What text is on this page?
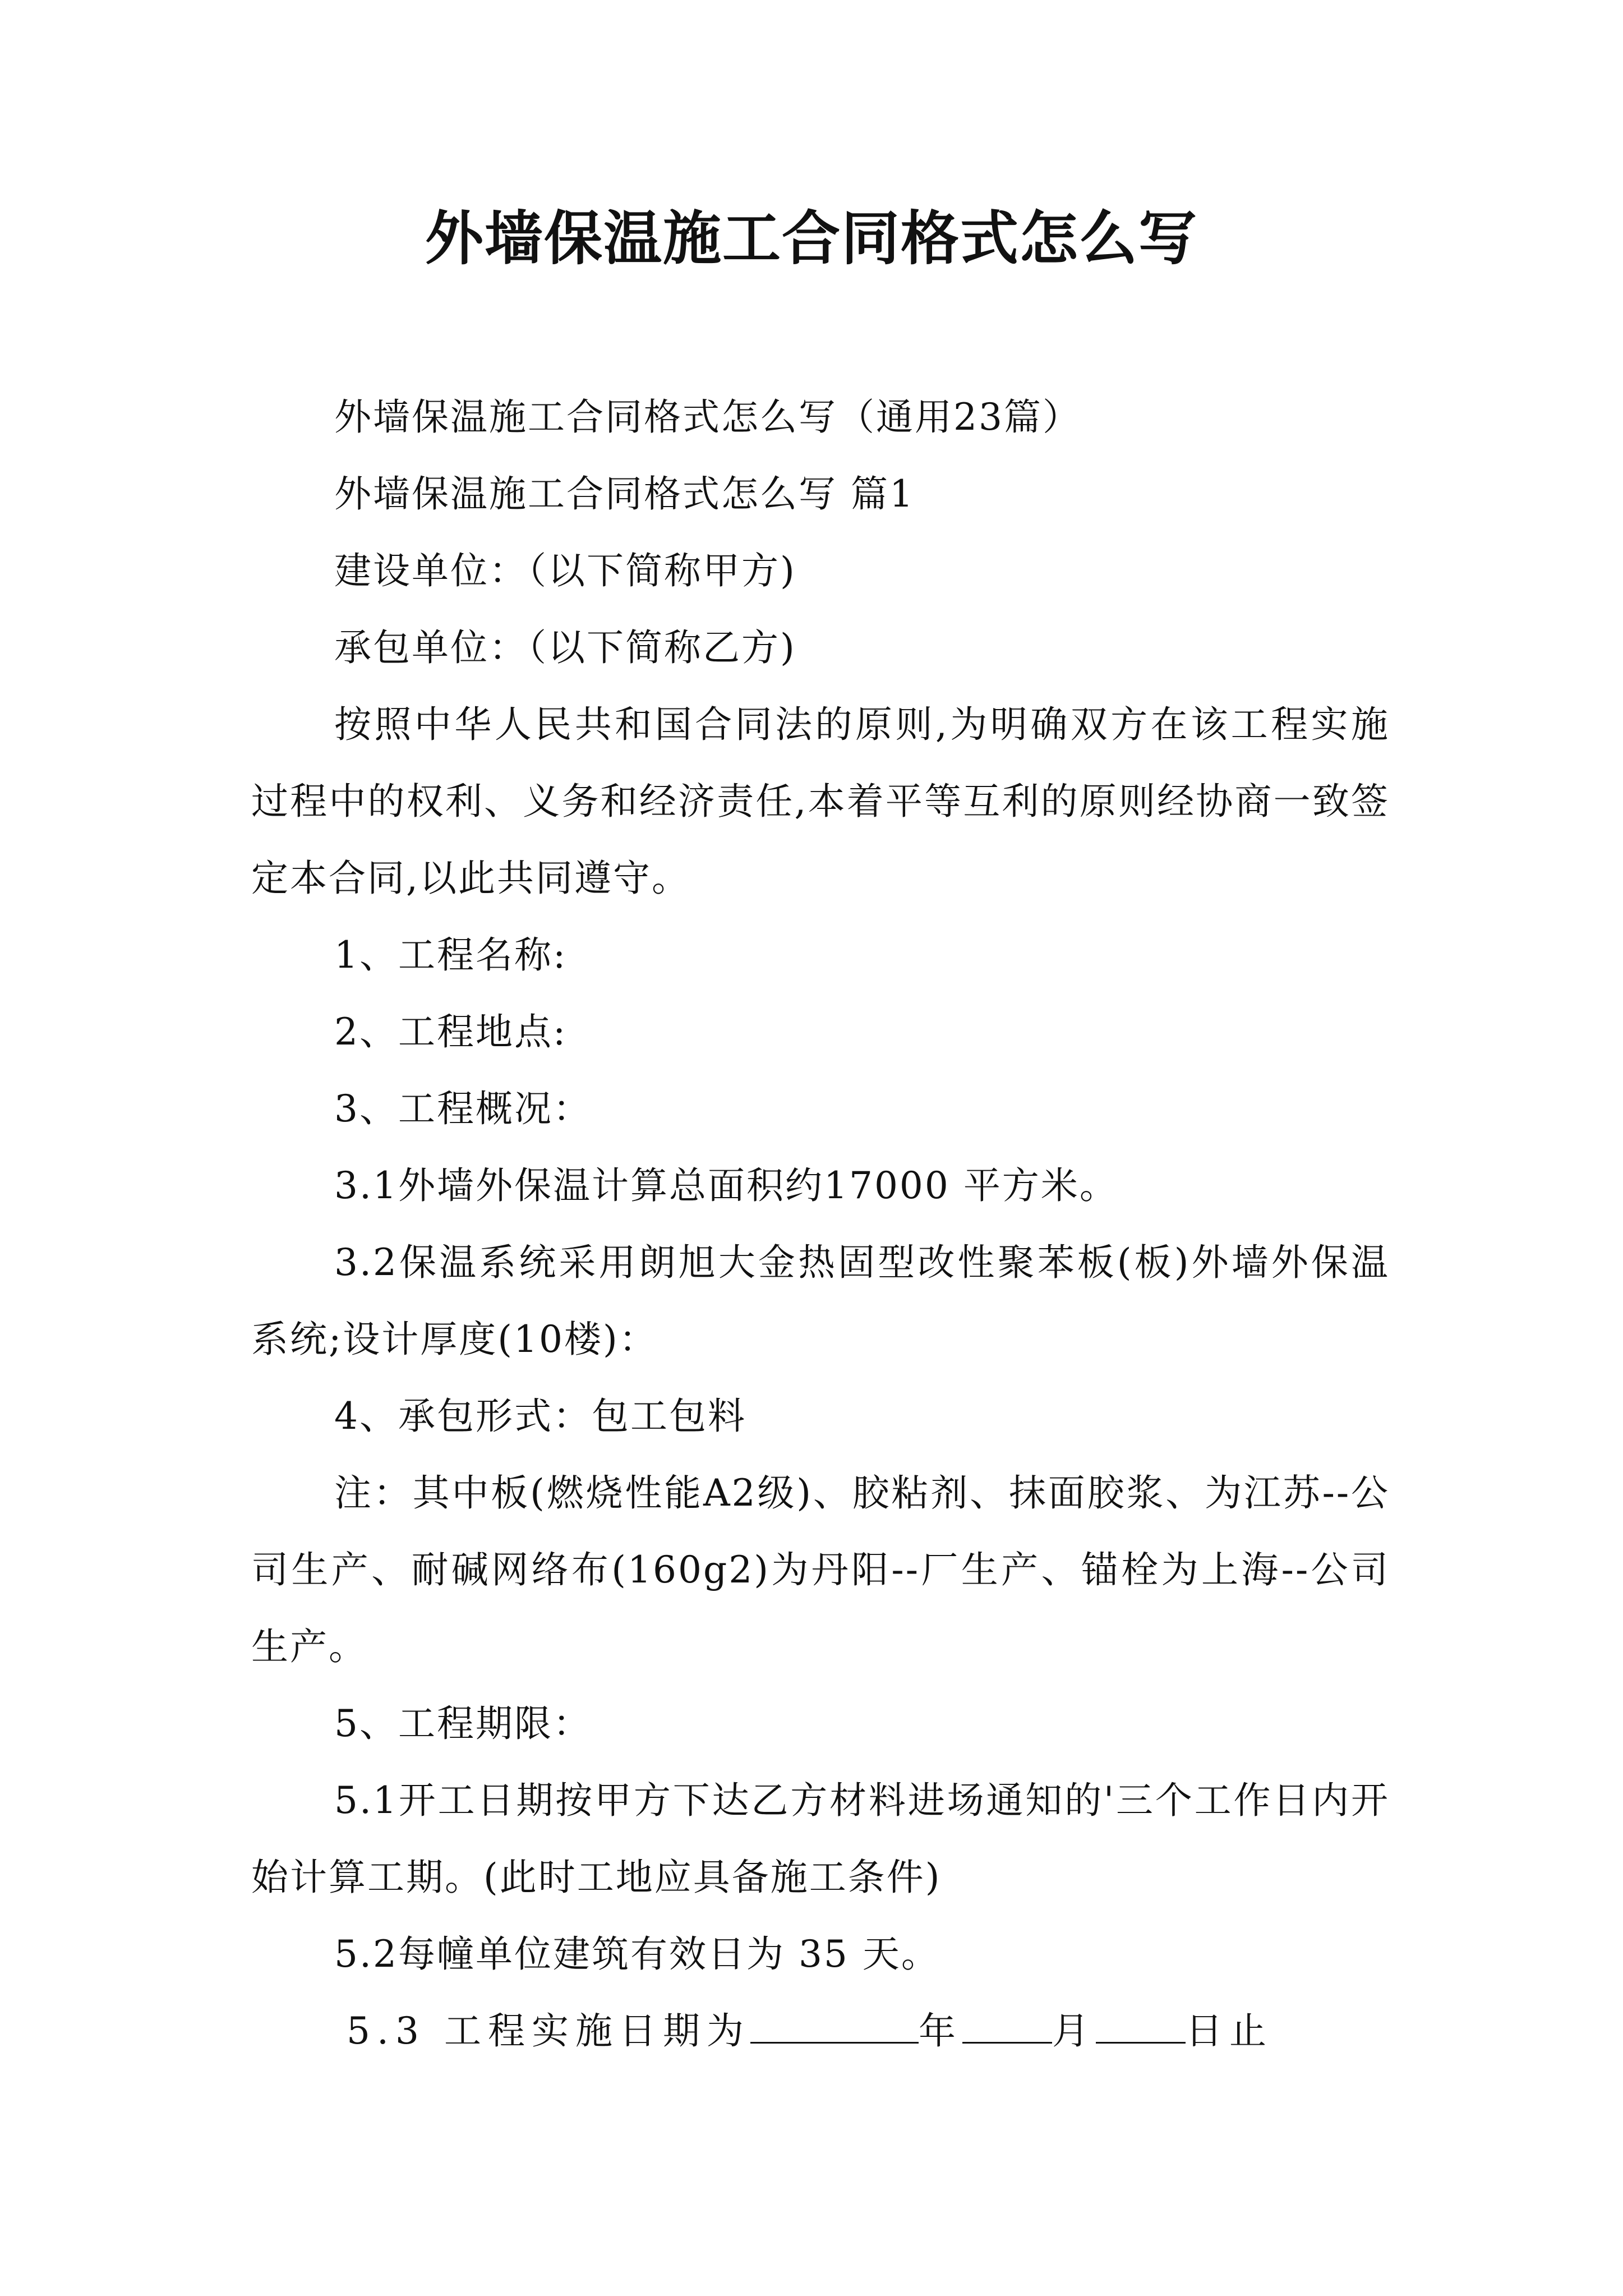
外墙保温施工合同格式怎么写

外墙保温施工合同格式怎么写（通用23篇）

外墙保温施工合同格式怎么写 篇1

建设单位：（以下简称甲方)

承包单位：（以下简称乙方)

按照中华人民共和国合同法的原则,为明确双方在该工程实施过程中的权利、义务和经济责任,本着平等互利的原则经协商一致签定本合同,以此共同遵守。

1、工程名称:

2、工程地点:

3、工程概况：

3.1外墙外保温计算总面积约17000 平方米。

3.2保温系统采用朗旭大金热固型改性聚苯板(板)外墙外保温系统;设计厚度(10楼)：

4、承包形式：包工包料

注：其中板(燃烧性能A2级)、胶粘剂、抹面胶浆、为江苏--公司生产、耐碱网络布(160g2)为丹阳--厂生产、锚栓为上海--公司生产。

5、工程期限：

5.1开工日期按甲方下达乙方材料进场通知的'三个工作日内开始计算工期。(此时工地应具备施工条件)

5.2每幢单位建筑有效日为 35 天。

5.3 工程实施日期为	年 月 日止
